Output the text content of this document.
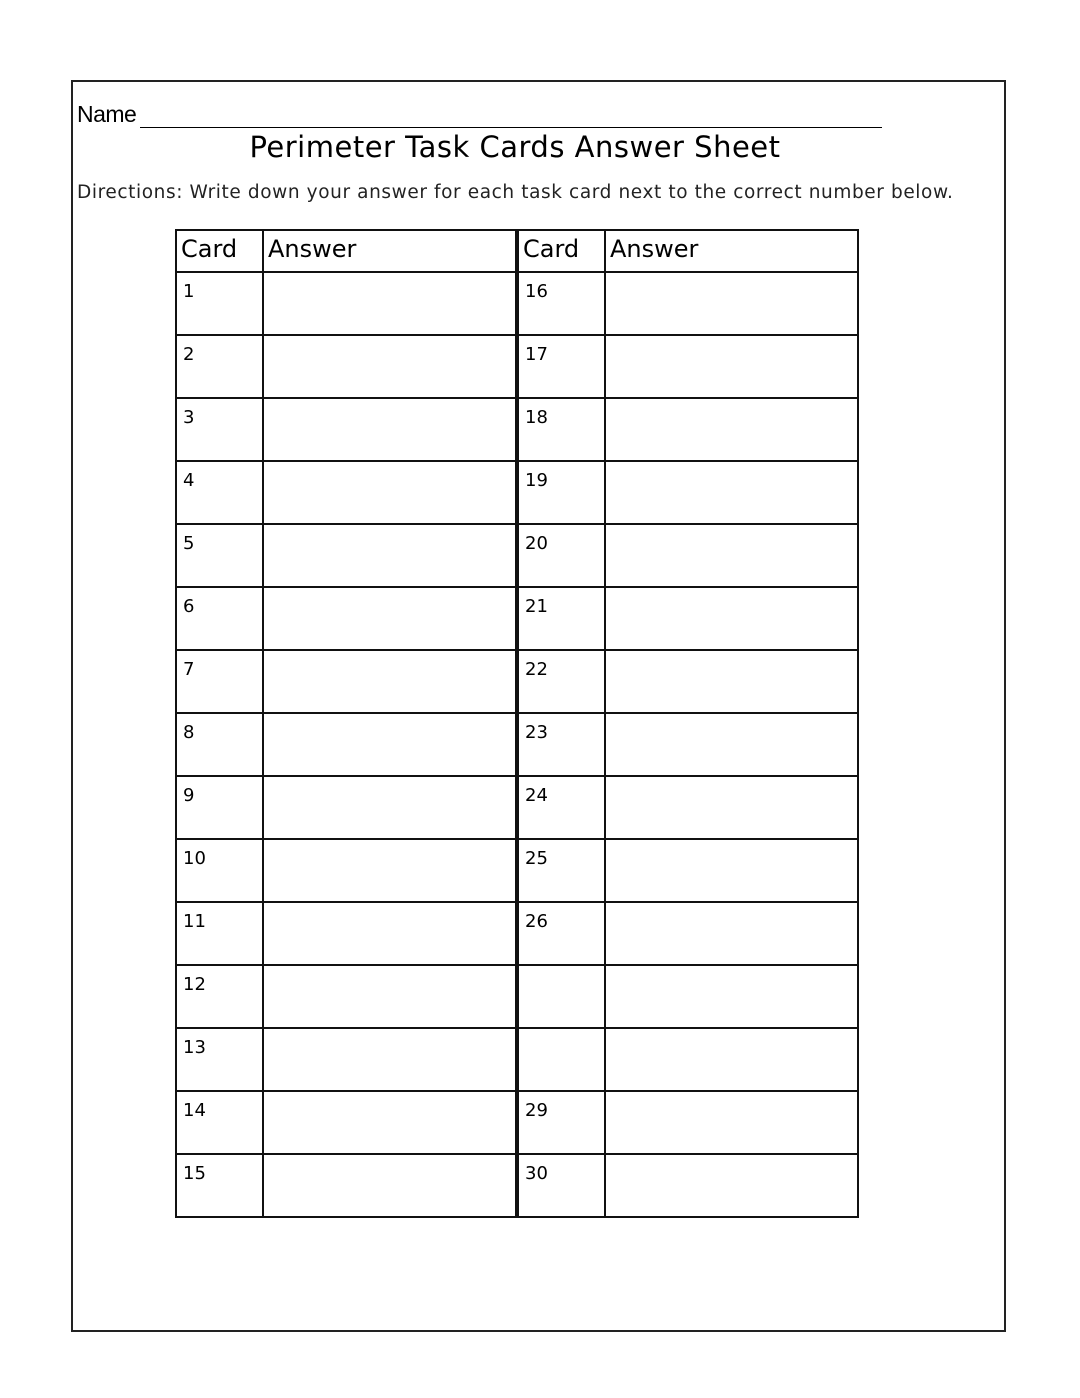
Name
Perimeter Task Cards Answer Sheet
Directions: Write down your answer for each task card next to the correct number below.
Card	Answer	Card	Answer
1		16	
2		17	
3		18	
4		19	
5		20	
6		21	
7		22	
8		23	
9		24	
10		25	
11		26	
12			
13			
14		29	
15		30	
